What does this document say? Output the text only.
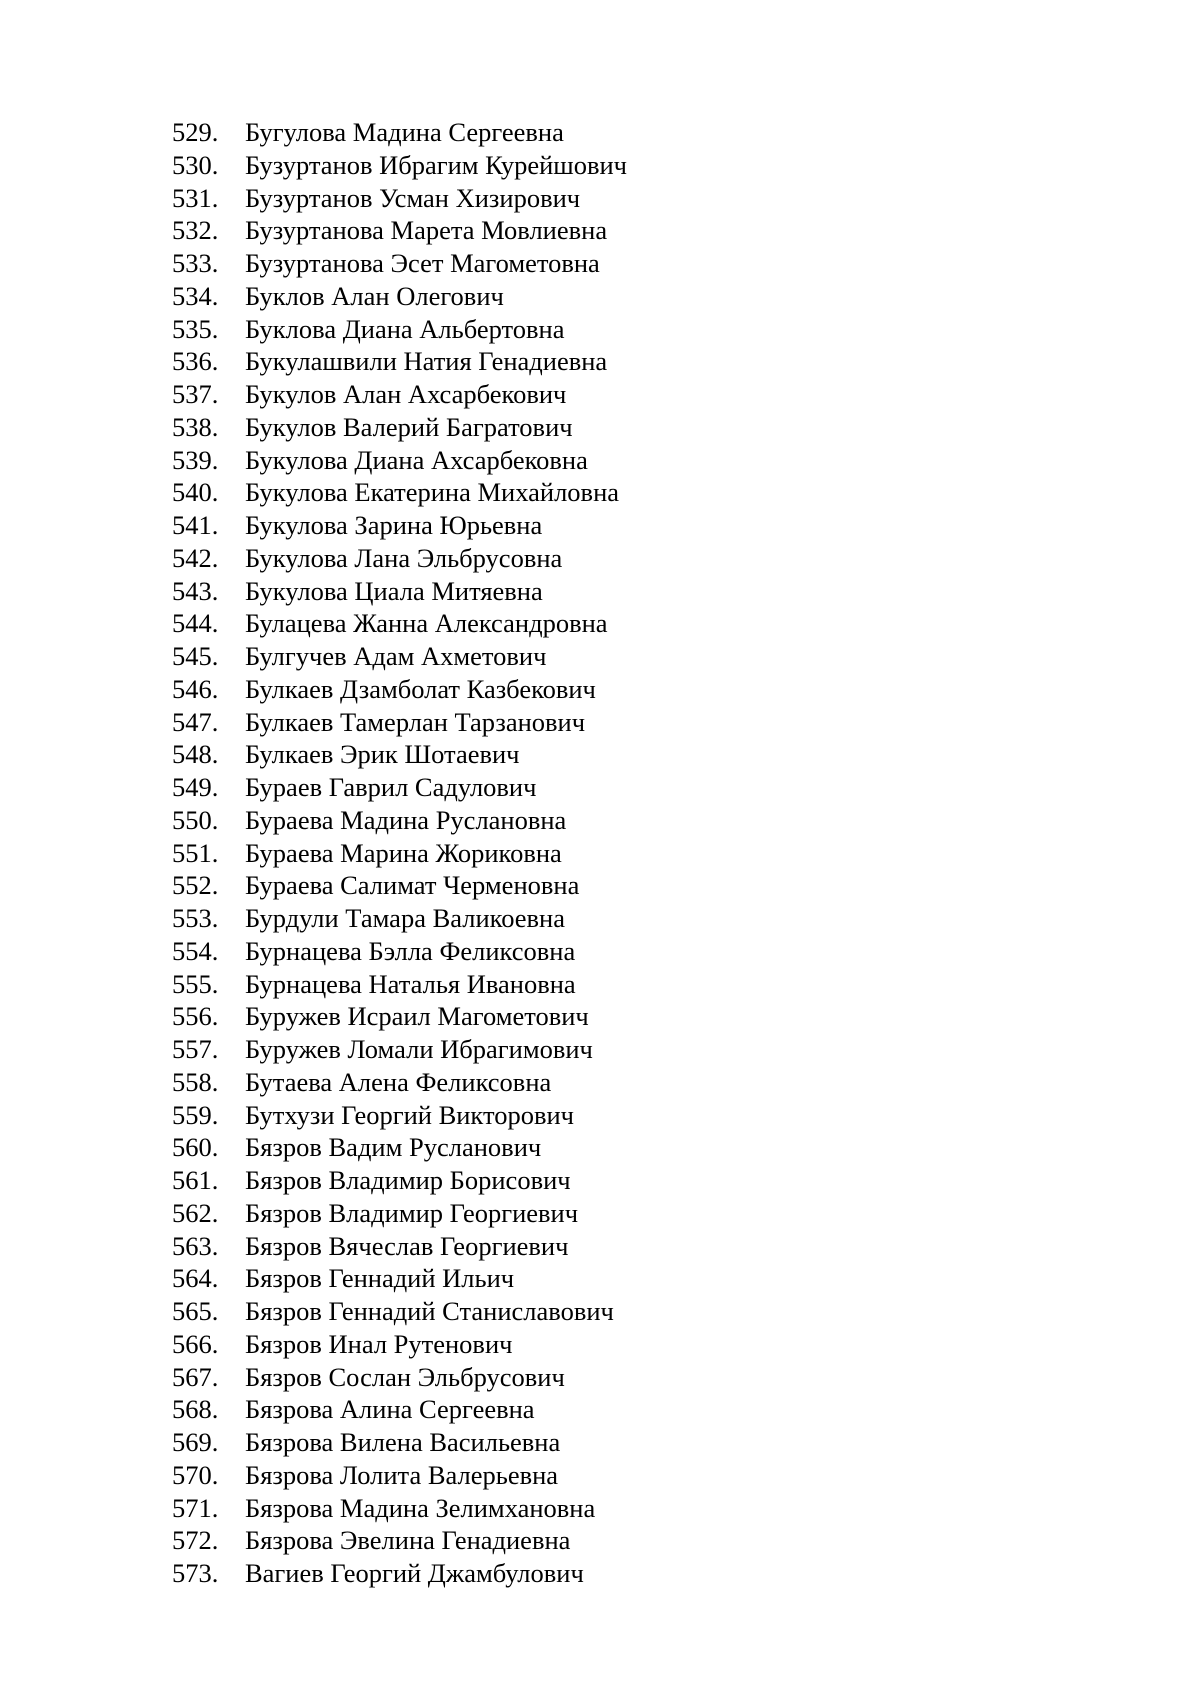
529.	Бугулова Мадина Сергеевна
530.	Бузуртанов Ибрагим Курейшович
531.	Бузуртанов Усман Хизирович
532.	Бузуртанова Марета Мовлиевна
533.	Бузуртанова Эсет Магометовна
534.	Буклов Алан Олегович
535.	Буклова Диана Альбертовна
536.	Букулашвили Натия Генадиевна
537.	Букулов Алан Ахсарбекович
538.	Букулов Валерий Багратович
539.	Букулова Диана Ахсарбековна
540.	Букулова Екатерина Михайловна
541.	Букулова Зарина Юрьевна
542.	Букулова Лана Эльбрусовна
543.	Букулова Циала Митяевна
544.	Булацева Жанна Александровна
545.	Булгучев Адам Ахметович
546.	Булкаев Дзамболат Казбекович
547.	Булкаев Тамерлан Тарзанович
548.	Булкаев Эрик Шотаевич
549.	Бураев Гаврил Садулович
550.	Бураева Мадина Руслановна
551.	Бураева Марина Жориковна
552.	Бураева Салимат Черменовна
553.	Бурдули Тамара Валикоевна
554.	Бурнацева Бэлла Феликсовна
555.	Бурнацева Наталья Ивановна
556.	Буружев Исраил Магометович
557.	Буружев Ломали Ибрагимович
558.	Бутаева Алена Феликсовна
559.	Бутхузи Георгий Викторович
560.	Бязров Вадим Русланович
561.	Бязров Владимир Борисович
562.	Бязров Владимир Георгиевич
563.	Бязров Вячеслав Георгиевич
564.	Бязров Геннадий Ильич
565.	Бязров Геннадий Станиславович
566.	Бязров Инал Рутенович
567.	Бязров Сослан Эльбрусович
568.	Бязрова Алина Сергеевна
569.	Бязрова Вилена Васильевна
570.	Бязрова Лолита Валерьевна
571.	Бязрова Мадина Зелимхановна
572.	Бязрова Эвелина Генадиевна
573.	Вагиев Георгий Джамбулович
